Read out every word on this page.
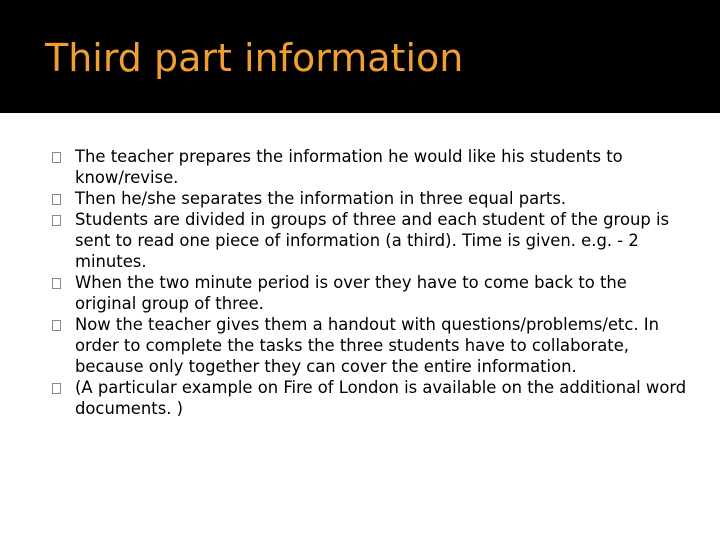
Third part information
The teacher prepares the information he would like his students to know/revise.
Then he/she separates the information in three equal parts.
Students are divided in groups of three and each student of the group is sent to read one piece of information (a third). Time is given. e.g. - 2 minutes.
When the two minute period is over they have to come back to the original group of three.
Now the teacher gives them a handout with questions/problems/etc. In order to complete the tasks the three students have to collaborate, because only together they can cover the entire information.
(A particular example on Fire of London is available on the additional word documents. )
